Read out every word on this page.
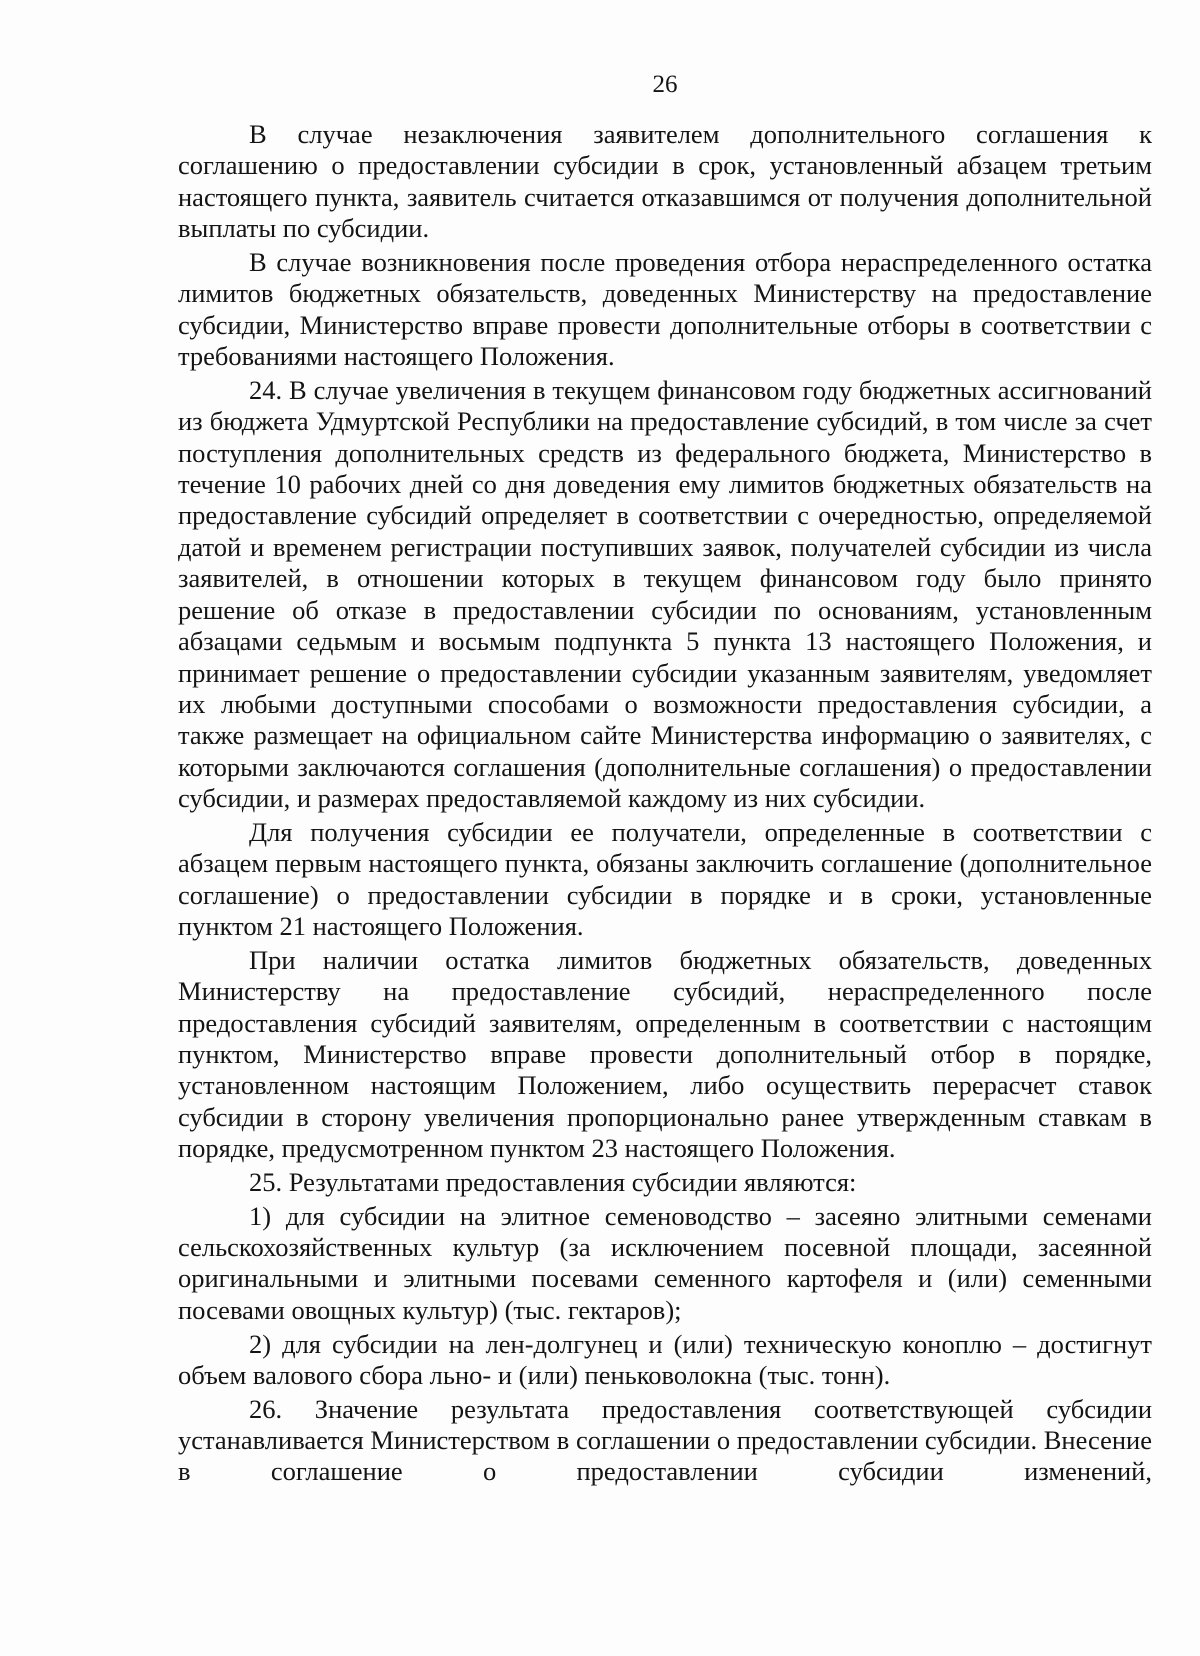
26

В случае незаключения заявителем дополнительного соглашения к соглашению о предоставлении субсидии в срок, установленный абзацем третьим настоящего пункта, заявитель считается отказавшимся от получения дополнительной выплаты по субсидии.

В случае возникновения после проведения отбора нераспределенного остатка лимитов бюджетных обязательств, доведенных Министерству на предоставление субсидии, Министерство вправе провести дополнительные отборы в соответствии с требованиями настоящего Положения.

24. В случае увеличения в текущем финансовом году бюджетных ассигнований из бюджета Удмуртской Республики на предоставление субсидий, в том числе за счет поступления дополнительных средств из федерального бюджета, Министерство в течение 10 рабочих дней со дня доведения ему лимитов бюджетных обязательств на предоставление субсидий определяет в соответствии с очередностью, определяемой датой и временем регистрации поступивших заявок, получателей субсидии из числа заявителей, в отношении которых в текущем финансовом году было принято решение об отказе в предоставлении субсидии по основаниям, установленным абзацами седьмым и восьмым подпункта 5 пункта 13 настоящего Положения, и принимает решение о предоставлении субсидии указанным заявителям, уведомляет их любыми доступными способами о возможности предоставления субсидии, а также размещает на официальном сайте Министерства информацию о заявителях, с которыми заключаются соглашения (дополнительные соглашения) о предоставлении субсидии, и размерах предоставляемой каждому из них субсидии.

Для получения субсидии ее получатели, определенные в соответствии с абзацем первым настоящего пункта, обязаны заключить соглашение (дополнительное соглашение) о предоставлении субсидии в порядке и в сроки, установленные пунктом 21 настоящего Положения.

При наличии остатка лимитов бюджетных обязательств, доведенных Министерству на предоставление субсидий, нераспределенного после предоставления субсидий заявителям, определенным в соответствии с настоящим пунктом, Министерство вправе провести дополнительный отбор в порядке, установленном настоящим Положением, либо осуществить перерасчет ставок субсидии в сторону увеличения пропорционально ранее утвержденным ставкам в порядке, предусмотренном пунктом 23 настоящего Положения.

25. Результатами предоставления субсидии являются:

1) для субсидии на элитное семеноводство – засеяно элитными семенами сельскохозяйственных культур (за исключением посевной площади, засеянной оригинальными и элитными посевами семенного картофеля и (или) семенными посевами овощных культур) (тыс. гектаров);

2) для субсидии на лен-долгунец и (или) техническую коноплю – достигнут объем валового сбора льно- и (или) пеньковолокна (тыс. тонн).

26. Значение результата предоставления соответствующей субсидии устанавливается Министерством в соглашении о предоставлении субсидии. Внесение в соглашение о предоставлении субсидии изменений,
